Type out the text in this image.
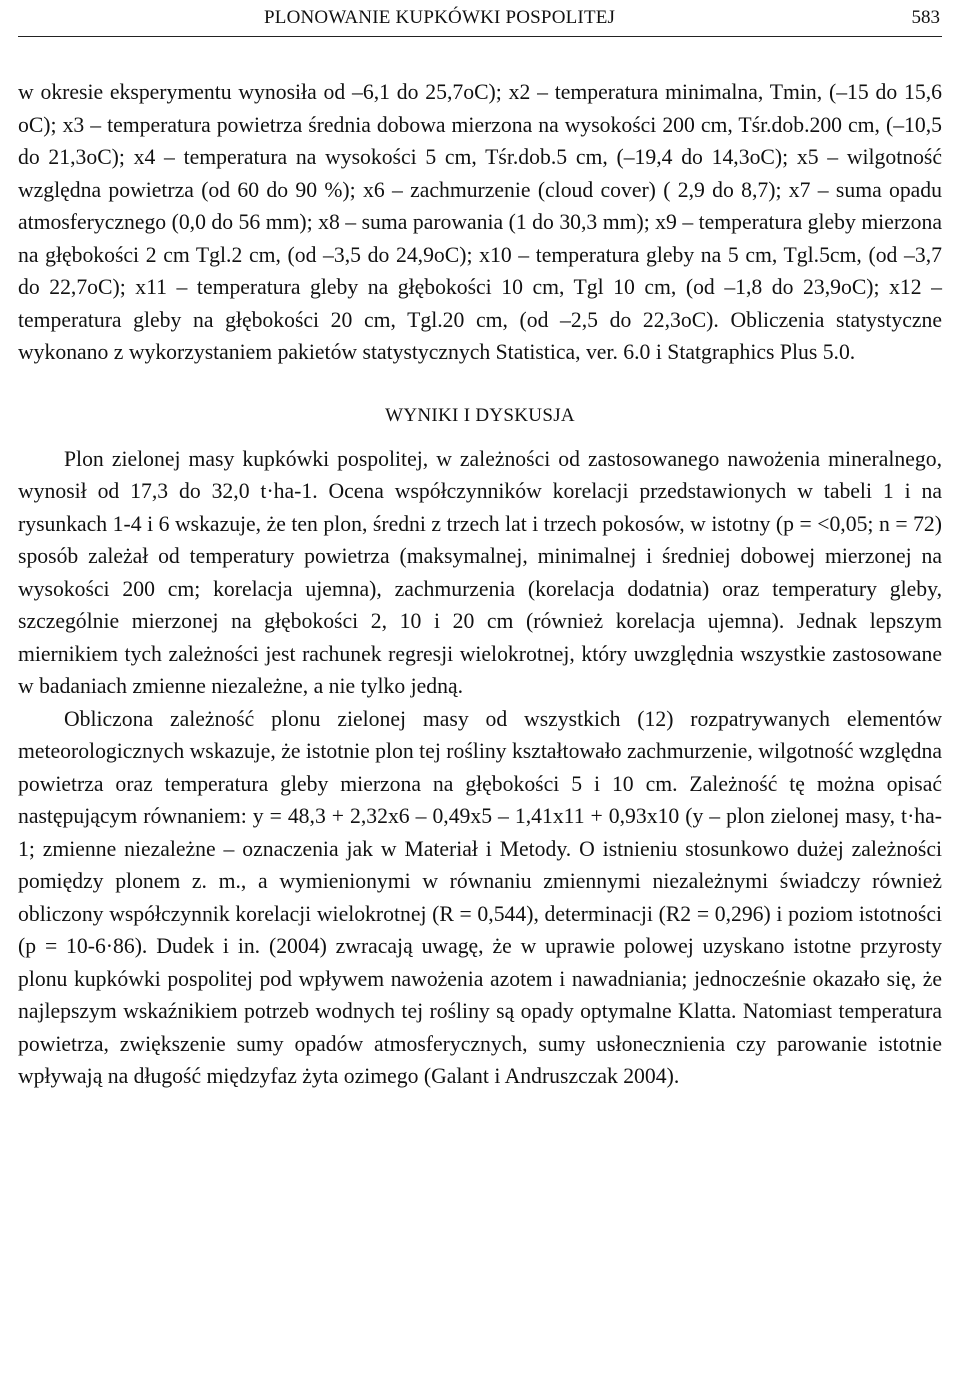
PLONOWANIE KUPKÓWKI POSPOLITEJ	583

w okresie eksperymentu wynosiła od –6,1 do 25,7oC); x2 – temperatura minimalna, Tmin, (–15 do 15,6 oC); x3 – temperatura powietrza średnia dobowa mierzona na wysokości 200 cm, Tśr.dob.200 cm, (–10,5 do 21,3oC); x4 – temperatura na wysokości 5 cm, Tśr.dob.5 cm, (–19,4 do 14,3oC); x5 – wilgotność względna powietrza (od 60 do 90 %); x6 – zachmurzenie (cloud cover) ( 2,9 do 8,7); x7 – suma opadu atmosferycznego (0,0 do 56 mm); x8 – suma parowania (1 do 30,3 mm); x9 – temperatura gleby mierzona na głębokości 2 cm Tgl.2 cm, (od –3,5 do 24,9oC); x10 – temperatura gleby na 5 cm, Tgl.5cm, (od –3,7 do 22,7oC); x11 – temperatura gleby na głębokości 10 cm, Tgl 10 cm, (od –1,8 do 23,9oC); x12 – temperatura gleby na głębokości 20 cm, Tgl.20 cm, (od –2,5 do 22,3oC). Obliczenia statystyczne wykonano z wykorzystaniem pakietów statystycznych Statistica, ver. 6.0 i Statgraphics Plus 5.0.

WYNIKI I DYSKUSJA

Plon zielonej masy kupkówki pospolitej, w zależności od zastosowanego nawożenia mineralnego, wynosił od 17,3 do 32,0 t·ha-1. Ocena współczynników korelacji przedstawionych w tabeli 1 i na rysunkach 1-4 i 6 wskazuje, że ten plon, średni z trzech lat i trzech pokosów, w istotny (p = <0,05; n = 72) sposób zależał od temperatury powietrza (maksymalnej, minimalnej i średniej dobowej mierzonej na wysokości 200 cm; korelacja ujemna), zachmurzenia (korelacja dodatnia) oraz temperatury gleby, szczególnie mierzonej na głębokości 2, 10 i 20 cm (również korelacja ujemna). Jednak lepszym miernikiem tych zależności jest rachunek regresji wielokrotnej, który uwzględnia wszystkie zastosowane w badaniach zmienne niezależne, a nie tylko jedną.

Obliczona zależność plonu zielonej masy od wszystkich (12) rozpatrywanych elementów meteorologicznych wskazuje, że istotnie plon tej rośliny kształtowało zachmurzenie, wilgotność względna powietrza oraz temperatura gleby mierzona na głębokości 5 i 10 cm. Zależność tę można opisać następującym równaniem: y = 48,3 + 2,32x6 – 0,49x5 – 1,41x11 + 0,93x10 (y – plon zielonej masy, t·ha-1; zmienne niezależne – oznaczenia jak w Materiał i Metody. O istnieniu stosunkowo dużej zależności pomiędzy plonem z. m., a wymienionymi w równaniu zmiennymi niezależnymi świadczy również obliczony współczynnik korelacji wielokrotnej (R = 0,544), determinacji (R2 = 0,296) i poziom istotności (p = 10-6·86). Dudek i in. (2004) zwracają uwagę, że w uprawie polowej uzyskano istotne przyrosty plonu kupkówki pospolitej pod wpływem nawożenia azotem i nawadniania; jednocześnie okazało się, że najlepszym wskaźnikiem potrzeb wodnych tej rośliny są opady optymalne Klatta. Natomiast temperatura powietrza, zwiększenie sumy opadów atmosferycznych, sumy usłonecznienia czy parowanie istotnie wpływają na długość międzyfaz żyta ozimego (Galant i Andruszczak 2004).
